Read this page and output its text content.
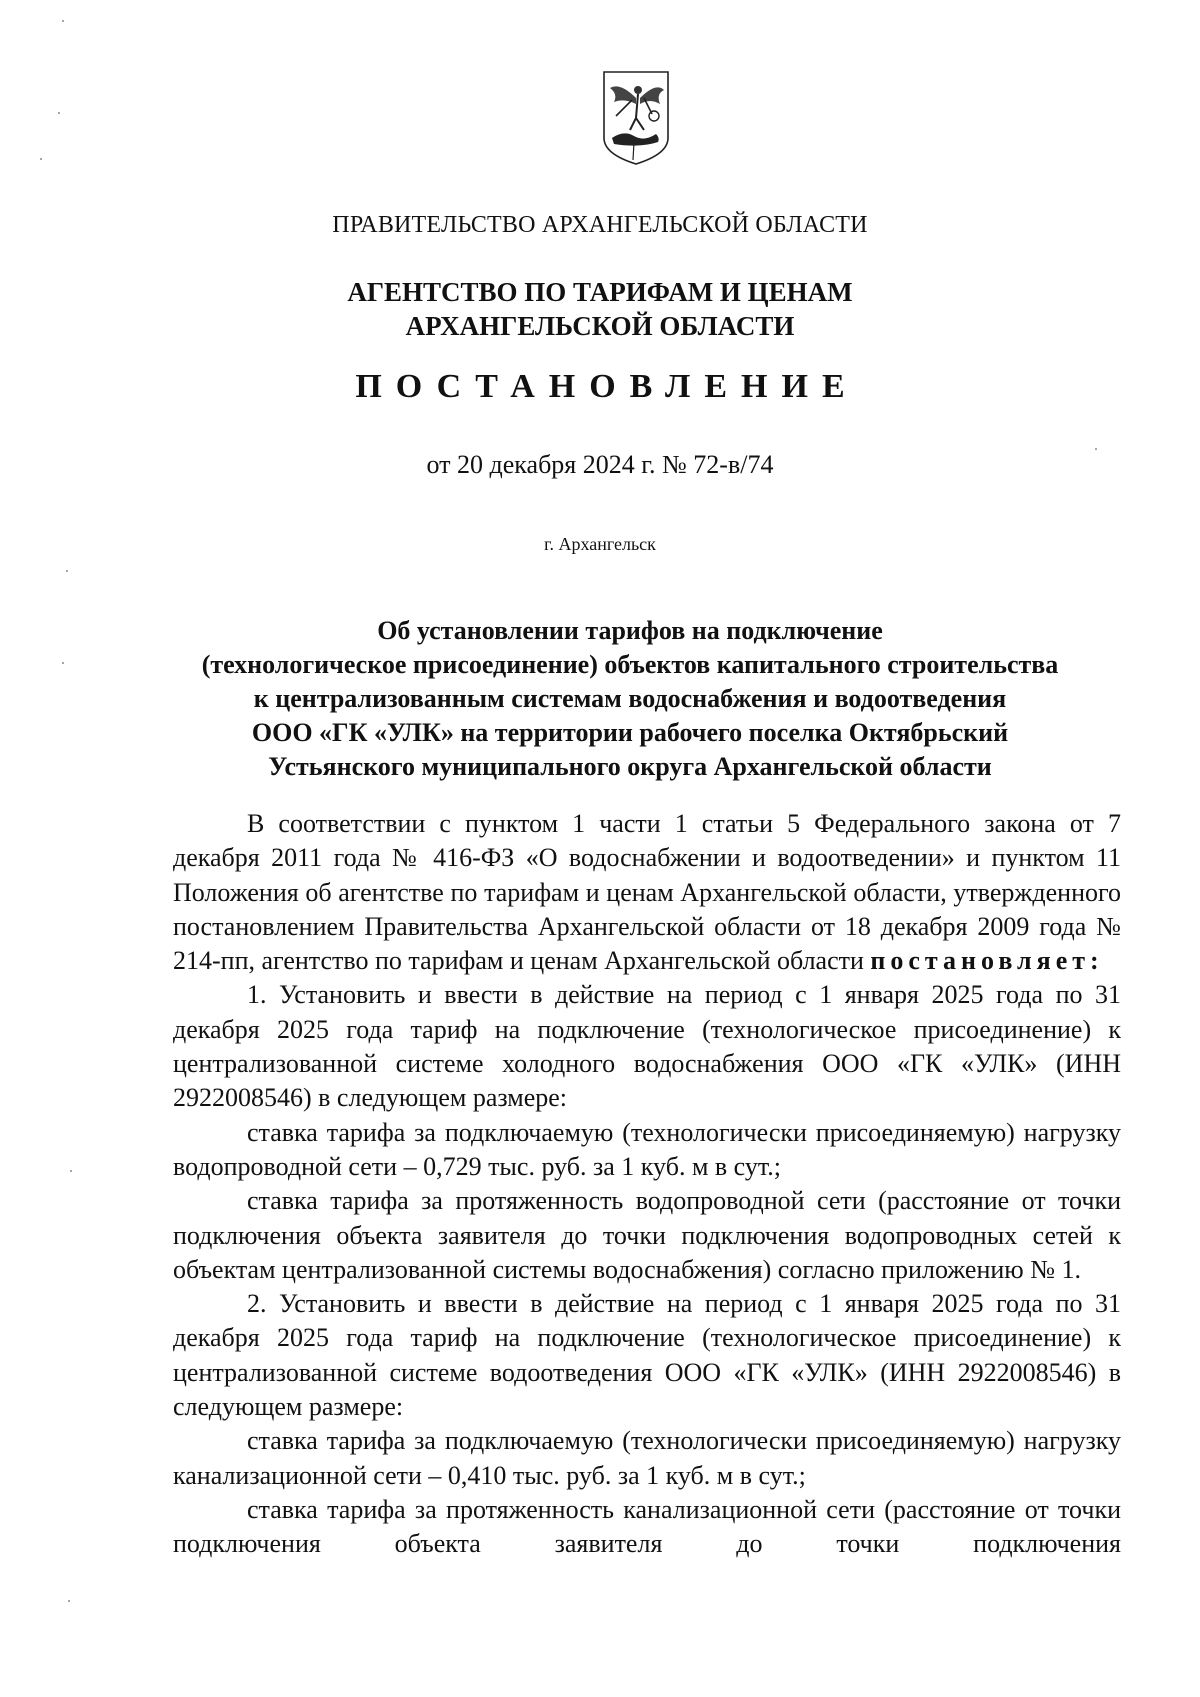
ПРАВИТЕЛЬСТВО АРХАНГЕЛЬСКОЙ ОБЛАСТИ
АГЕНТСТВО ПО ТАРИФАМ И ЦЕНАМ
АРХАНГЕЛЬСКОЙ ОБЛАСТИ
ПОСТАНОВЛЕНИЕ
от 20 декабря 2024 г. № 72-в/74
г. Архангельск
Об установлении тарифов на подключение
(технологическое присоединение) объектов капитального строительства
к централизованным системам водоснабжения и водоотведения
ООО «ГК «УЛК» на территории рабочего поселка Октябрьский
Устьянского муниципального округа Архангельской области

В соответствии с пунктом 1 части 1 статьи 5 Федерального закона от 7 декабря 2011 года № 416-ФЗ «О водоснабжении и водоотведении» и пунктом 11 Положения об агентстве по тарифам и ценам Архангельской области, утвержденного постановлением Правительства Архангельской области от 18 декабря 2009 года № 214-пп, агентство по тарифам и ценам Архангельской области постановляет:

1. Установить и ввести в действие на период с 1 января 2025 года по 31 декабря 2025 года тариф на подключение (технологическое присоединение) к централизованной системе холодного водоснабжения ООО «ГК «УЛК» (ИНН 2922008546) в следующем размере:

ставка тарифа за подключаемую (технологически присоединяемую) нагрузку водопроводной сети – 0,729 тыс. руб. за 1 куб. м в сут.;

ставка тарифа за протяженность водопроводной сети (расстояние от точки подключения объекта заявителя до точки подключения водопроводных сетей к объектам централизованной системы водоснабжения) согласно приложению № 1.

2. Установить и ввести в действие на период с 1 января 2025 года по 31 декабря 2025 года тариф на подключение (технологическое присоединение) к централизованной системе водоотведения ООО «ГК «УЛК» (ИНН 2922008546) в следующем размере:

ставка тарифа за подключаемую (технологически присоединяемую) нагрузку канализационной сети – 0,410 тыс. руб. за 1 куб. м в сут.;

ставка тарифа за протяженность канализационной сети (расстояние от точки подключения объекта заявителя до точки подключения
